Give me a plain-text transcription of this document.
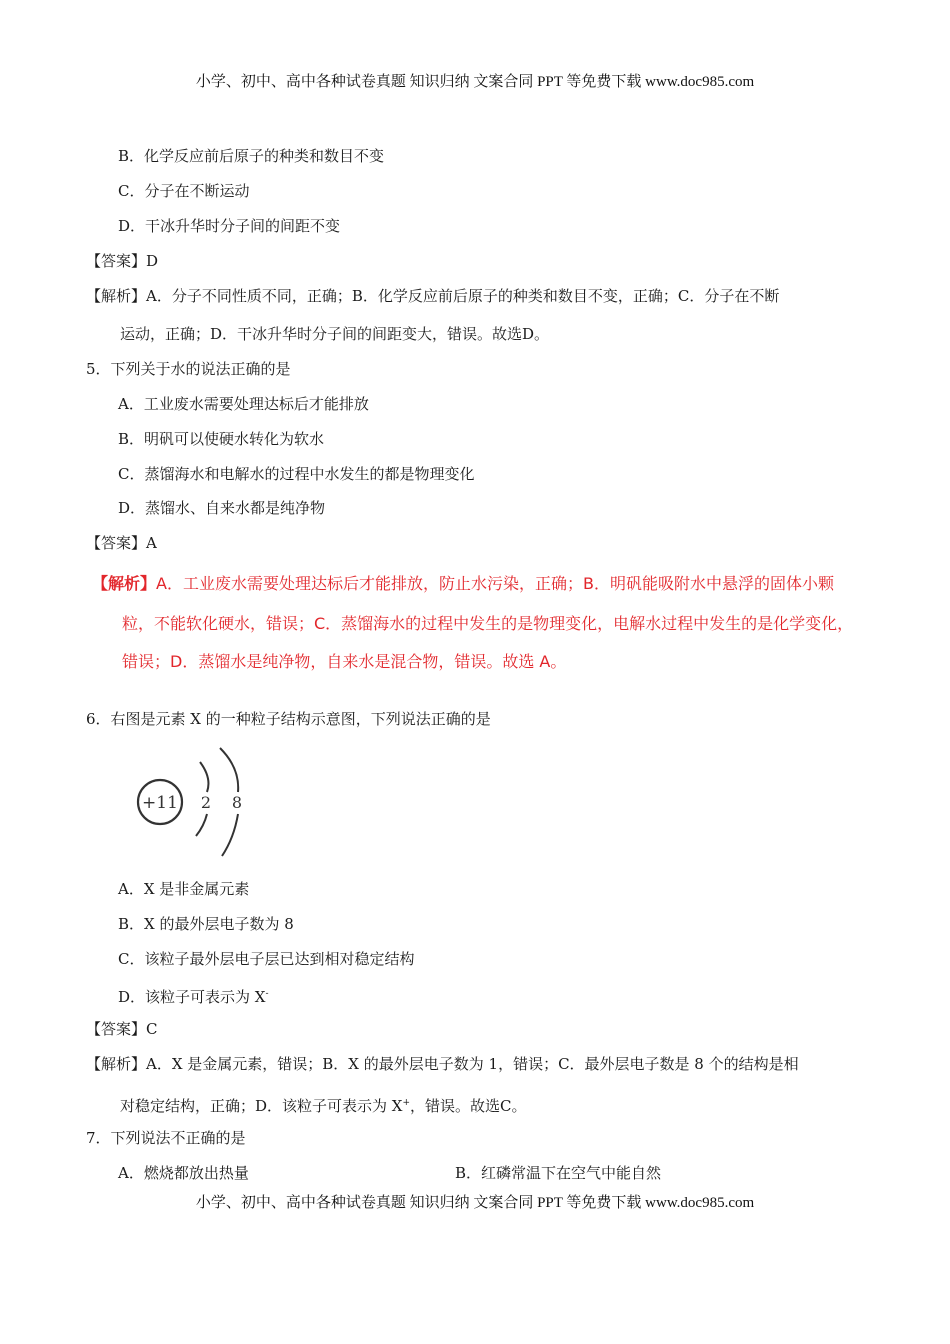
小学、初中、高中各种试卷真题 知识归纳 文案合同 PPT 等免费下载 www.doc985.com
B．化学反应前后原子的种类和数目不变
C．分子在不断运动
D．干冰升华时分子间的间距不变
【答案】D
【解析】A．分子不同性质不同，正确；B．化学反应前后原子的种类和数目不变，正确；C．分子在不断
运动，正确；D．干冰升华时分子间的间距变大，错误。故选D。
5．下列关于水的说法正确的是
A．工业废水需要处理达标后才能排放
B．明矾可以使硬水转化为软水
C．蒸馏海水和电解水的过程中水发生的都是物理变化
D．蒸馏水、自来水都是纯净物
【答案】A
【解析】A．工业废水需要处理达标后才能排放，防止水污染，正确；B．明矾能吸附水中悬浮的固体小颗
粒，不能软化硬水，错误；C．蒸馏海水的过程中发生的是物理变化，电解水过程中发生的是化学变化，
错误；D．蒸馏水是纯净物，自来水是混合物，错误。故选 A。
6．右图是元素 X 的一种粒子结构示意图，下列说法正确的是
+11 2 8
A．X 是非金属元素
B．X 的最外层电子数为 8
C．该粒子最外层电子层已达到相对稳定结构
D．该粒子可表示为 X-
【答案】C
【解析】A．X 是金属元素，错误；B．X 的最外层电子数为 1，错误；C．最外层电子数是 8 个的结构是相
对稳定结构，正确；D．该粒子可表示为 X+，错误。故选C。
7．下列说法不正确的是
A．燃烧都放出热量	B．红磷常温下在空气中能自然
小学、初中、高中各种试卷真题 知识归纳 文案合同 PPT 等免费下载 www.doc985.com
